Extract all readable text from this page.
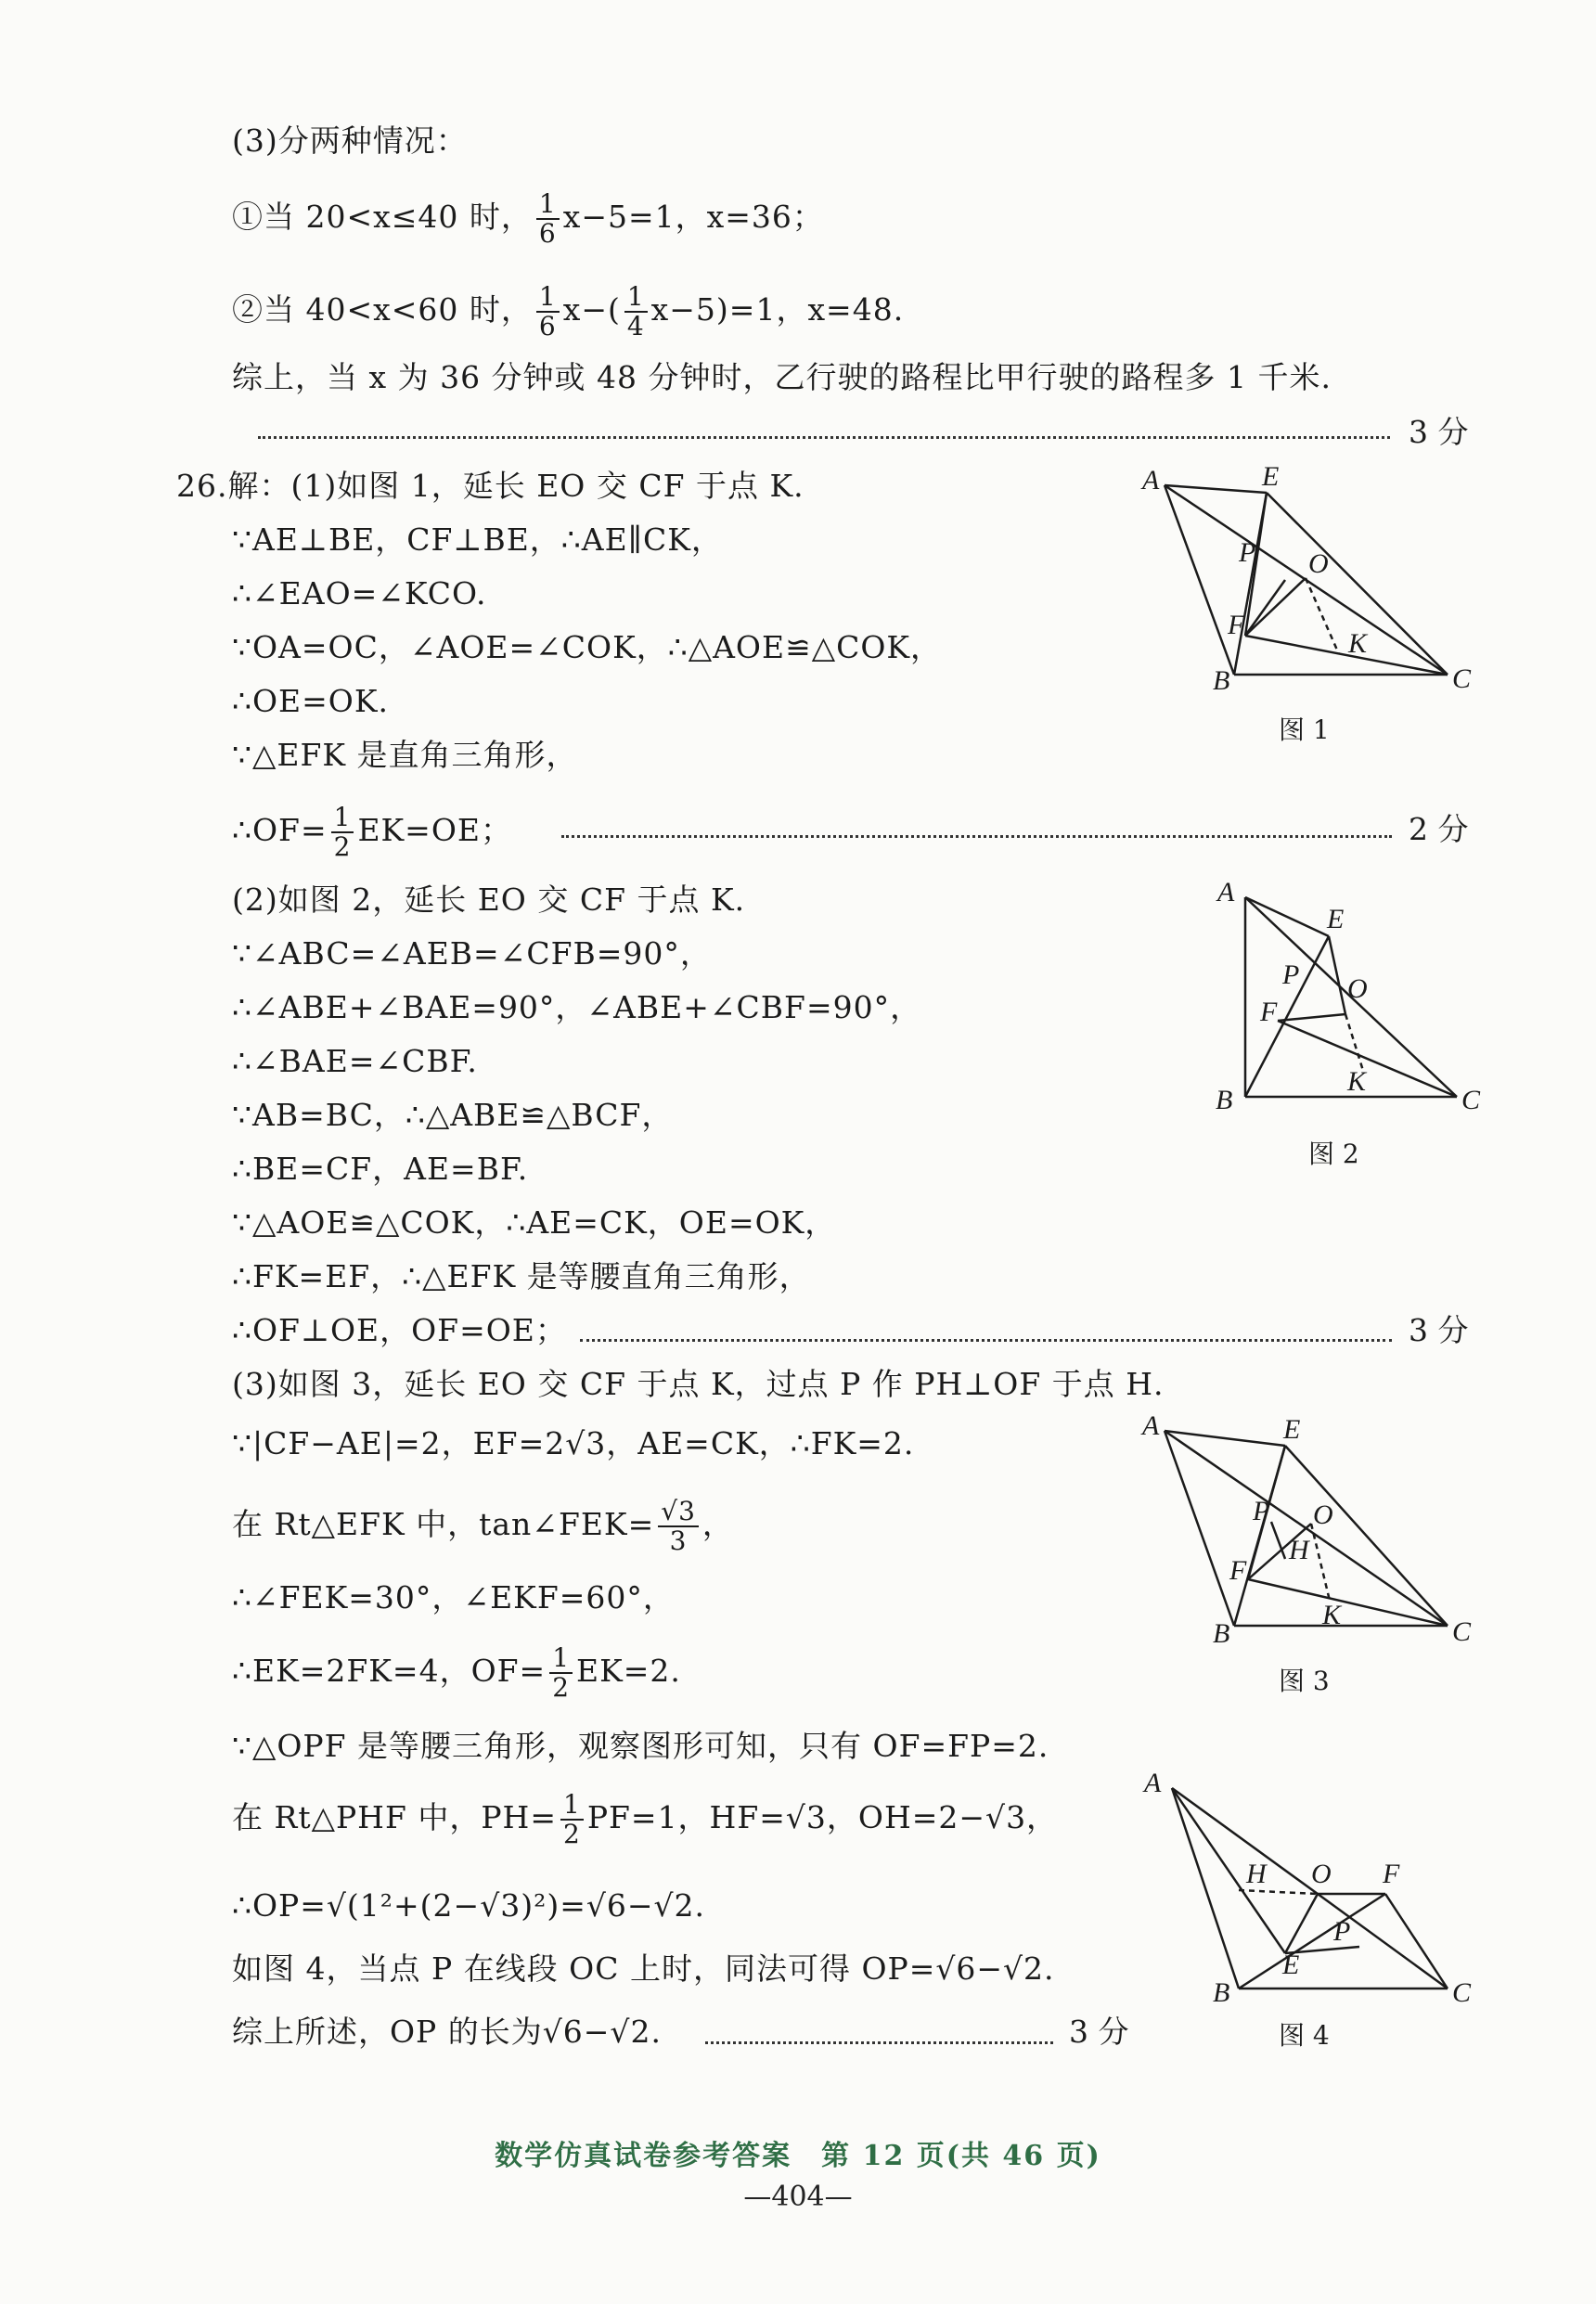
(3)分两种情况：
①当 20<x≤40 时， $\frac{1}{6} x-5=1$，x=36；
②当 40<x<60 时， $\frac{1}{6} x-( \frac{1}{4} x-5)=1$，x=48.
综上，当 x 为 36 分钟或 48 分钟时，乙行驶的路程比甲行驶的路程多 1 千米.
3 分
26.解：(1)如图 1，延长 EO 交 CF 于点 K.
∵AE⊥BE，CF⊥BE，∴AE∥CK，
∴∠EAO=∠KCO.
∵OA=OC，∠AOE=∠COK，∴△AOE≌△COK，
∴OE=OK.
∵△EFK 是直角三角形，
∴OF= $\frac{1}{2} EK=OE$；	2 分
A	E
P O
F
K
B	C
图 1
(2)如图 2，延长 EO 交 CF 于点 K.
∵∠ABC=∠AEB=∠CFB=90°，
∴∠ABE+∠BAE=90°，∠ABE+∠CBF=90°，
∴∠BAE=∠CBF.
∵AB=BC，∴△ABE≌△BCF，
∴BE=CF，AE=BF.
∵△AOE≌△COK，∴AE=CK，OE=OK，
∴FK=EF，∴△EFK 是等腰直角三角形，
∴OF⊥OE，OF=OE；	3 分
A
E
P O
F
K
B	C
图 2
(3)如图 3，延长 EO 交 CF 于点 K，过点 P 作 PH⊥OF 于点 H.
∵|CF−AE|=2，EF=2√3，AE=CK，∴FK=2.
在 Rt△EFK 中，tan∠FEK= $\frac{√3}{3}$ ，
∴∠FEK=30°，∠EKF=60°，
∴EK=2FK=4，$OF= \frac{1}{2} EK=2$.
∵△OPF 是等腰三角形，观察图形可知，只有 OF=FP=2.
在 Rt△PHF 中，$PH= \frac{1}{2} PF=1$，HF=√3，OH=2−√3，
∴OP=√(1²+(2−√3)²)=√6−√2.
如图 4，当点 P 在线段 OC 上时，同法可得 OP=√6−√2.
综上所述，OP 的长为√6−√2.	3 分
A	E
P O
H
F
K
B	C
图 3
A
H O F
P
E
B	C
图 4
数学仿真试卷参考答案　第 12 页(共 46 页)
—404—
